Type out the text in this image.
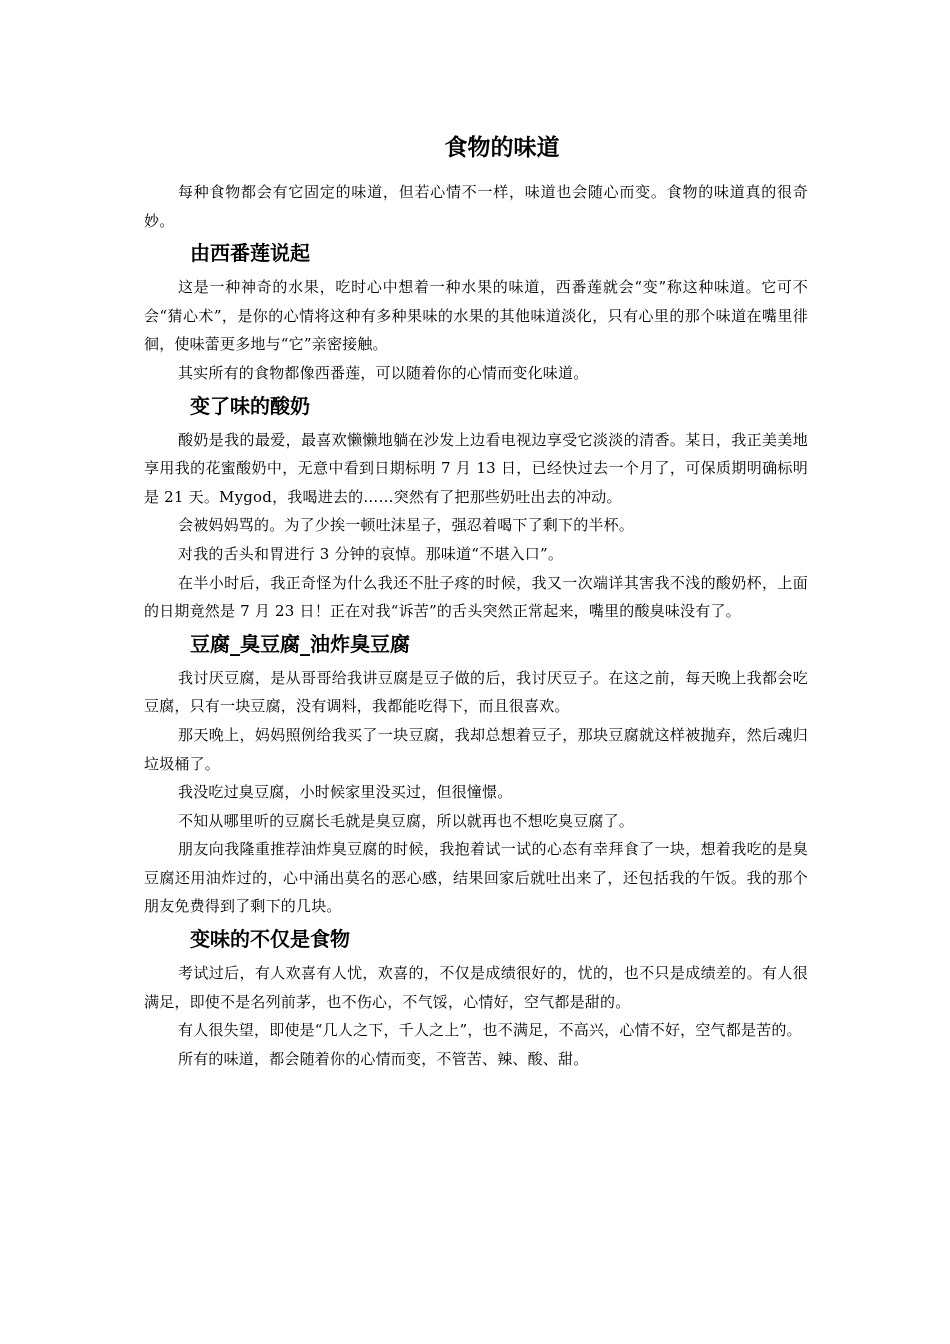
食物的味道

每种食物都会有它固定的味道，但若心情不一样，味道也会随心而变。食物的味道真的很奇妙。

由西番莲说起

这是一种神奇的水果，吃时心中想着一种水果的味道，西番莲就会“变”称这种味道。它可不会“猜心术”，是你的心情将这种有多种果味的水果的其他味道淡化，只有心里的那个味道在嘴里徘徊，使味蕾更多地与“它”亲密接触。

其实所有的食物都像西番莲，可以随着你的心情而变化味道。

变了味的酸奶

酸奶是我的最爱，最喜欢懒懒地躺在沙发上边看电视边享受它淡淡的清香。某日，我正美美地享用我的花蜜酸奶中，无意中看到日期标明 7 月 13 日，已经快过去一个月了，可保质期明确标明是 21 天。Mygod，我喝进去的……突然有了把那些奶吐出去的冲动。

会被妈妈骂的。为了少挨一顿吐沫星子，强忍着喝下了剩下的半杯。

对我的舌头和胃进行 3 分钟的哀悼。那味道“不堪入口”。

在半小时后，我正奇怪为什么我还不肚子疼的时候，我又一次端详其害我不浅的酸奶杯，上面的日期竟然是 7 月 23 日！正在对我“诉苦”的舌头突然正常起来，嘴里的酸臭味没有了。

豆腐_臭豆腐_油炸臭豆腐

我讨厌豆腐，是从哥哥给我讲豆腐是豆子做的后，我讨厌豆子。在这之前，每天晚上我都会吃豆腐，只有一块豆腐，没有调料，我都能吃得下，而且很喜欢。

那天晚上，妈妈照例给我买了一块豆腐，我却总想着豆子，那块豆腐就这样被抛弃，然后魂归垃圾桶了。

我没吃过臭豆腐，小时候家里没买过，但很憧憬。

不知从哪里听的豆腐长毛就是臭豆腐，所以就再也不想吃臭豆腐了。

朋友向我隆重推荐油炸臭豆腐的时候，我抱着试一试的心态有幸拜食了一块，想着我吃的是臭豆腐还用油炸过的，心中涌出莫名的恶心感，结果回家后就吐出来了，还包括我的午饭。我的那个朋友免费得到了剩下的几块。

变味的不仅是食物

考试过后，有人欢喜有人忧，欢喜的，不仅是成绩很好的，忧的，也不只是成绩差的。有人很满足，即使不是名列前茅，也不伤心，不气馁，心情好，空气都是甜的。

有人很失望，即使是“几人之下，千人之上”，也不满足，不高兴，心情不好，空气都是苦的。

所有的味道，都会随着你的心情而变，不管苦、辣、酸、甜。
